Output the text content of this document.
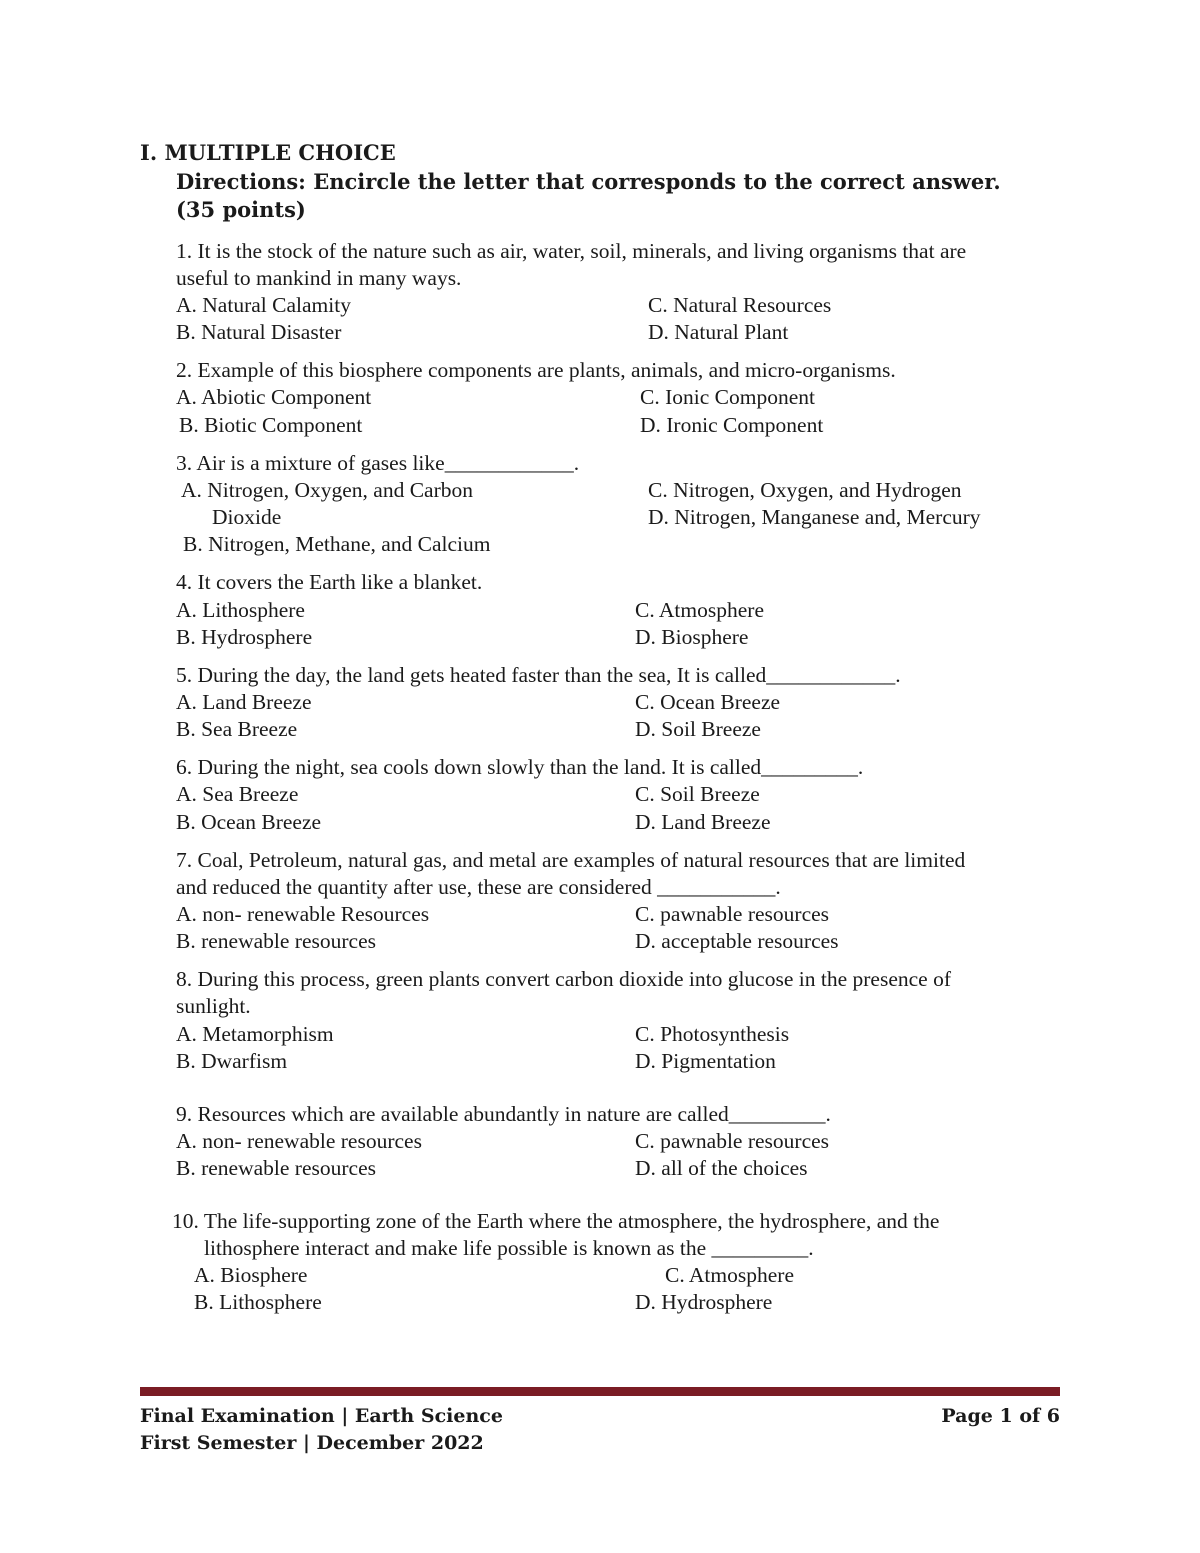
I. MULTIPLE CHOICE
Directions: Encircle the letter that corresponds to the correct answer.
(35 points)
1. It is the stock of the nature such as air, water, soil, minerals, and living organisms that are
useful to mankind in many ways.
A. Natural Calamity
B. Natural Disaster
C. Natural Resources
D. Natural Plant
2. Example of this biosphere components are plants, animals, and micro-organisms.
A. Abiotic Component
B. Biotic Component
C. Ionic Component
D. Ironic Component
3. Air is a mixture of gases like____________.
A. Nitrogen, Oxygen, and Carbon
Dioxide
B. Nitrogen, Methane, and Calcium
C. Nitrogen, Oxygen, and Hydrogen
D. Nitrogen, Manganese and, Mercury
4. It covers the Earth like a blanket.
A. Lithosphere
B. Hydrosphere
C. Atmosphere
D. Biosphere
5. During the day, the land gets heated faster than the sea, It is called____________.
A. Land Breeze
B. Sea Breeze
C. Ocean Breeze
D. Soil Breeze
6. During the night, sea cools down slowly than the land. It is called_________.
A. Sea Breeze
B. Ocean Breeze
C. Soil Breeze
D. Land Breeze
7. Coal, Petroleum, natural gas, and metal are examples of natural resources that are limited
and reduced the quantity after use, these are considered ___________.
A. non- renewable Resources
B. renewable resources
C. pawnable resources
D. acceptable resources
8. During this process, green plants convert carbon dioxide into glucose in the presence of
sunlight.
A. Metamorphism
B. Dwarfism
C. Photosynthesis
D. Pigmentation
9. Resources which are available abundantly in nature are called_________.
A. non- renewable resources
B. renewable resources
C. pawnable resources
D. all of the choices
10. The life-supporting zone of the Earth where the atmosphere, the hydrosphere, and the
lithosphere interact and make life possible is known as the _________.
A. Biosphere
B. Lithosphere
C. Atmosphere
D. Hydrosphere
Final Examination | Earth Science
First Semester | December 2022
Page 1 of 6
